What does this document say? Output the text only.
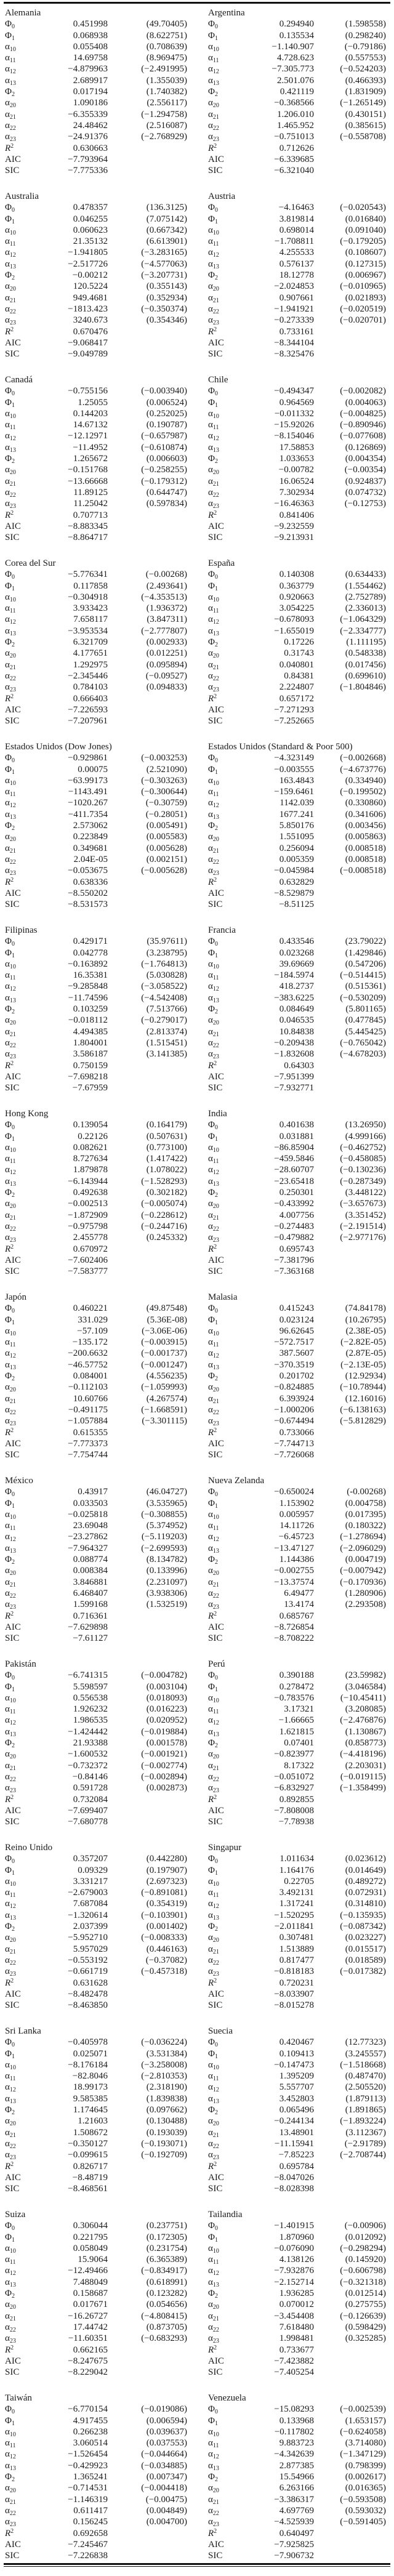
Alemania
$\Phi_0$	0.451998	(49.70405)
$\Phi_1$	0.068938	(8.622751)
$\alpha_{10}$	0.055408	(0.708639)
$\alpha_{11}$	14.69758	(8.969475)
$\alpha_{12}$	−4.879963	(−2.491995)
$\alpha_{13}$	2.689917	(1.355039)
$\Phi_2$	0.017194	(1.740382)
$\alpha_{20}$	1.090186	(2.556117)
$\alpha_{21}$	−6.355339	(−1.294758)
$\alpha_{22}$	24.48462	(2.516087)
$\alpha_{23}$	−24.91376	(−2.768929)
$R^2$	0.630663
AIC	−7.793964
SIC	−7.775336
Argentina
$\Phi_0$	0.294940	(1.598558)
$\Phi_1$	0.135534	(0.298240)
$\alpha_{10}$	−1.140.907	(−0.79186)
$\alpha_{11}$	4.728.623	(0.557553)
$\alpha_{12}$	−7.305.773	(−0.524203)
$\alpha_{13}$	2.501.076	(0.466393)
$\Phi_2$	0.421119	(1.831909)
$\alpha_{20}$	−0.368566	(−1.265149)
$\alpha_{21}$	1.206.010	(0.430151)
$\alpha_{22}$	1.465.952	(0.385615)
$\alpha_{23}$	−0.751013	(−0.558708)
$R^2$	0.712626
AIC	−6.339685
SIC	−6.321040
Australia
$\Phi_0$	0.478357	(136.3125)
$\Phi_1$	0.046255	(7.075142)
$\alpha_{10}$	0.060623	(0.667342)
$\alpha_{11}$	21.35132	(6.613901)
$\alpha_{12}$	−1.941805	(−3.283165)
$\alpha_{13}$	−2.517726	(−4.577063)
$\Phi_2$	−0.00212	(−3.207731)
$\alpha_{20}$	120.5224	(0.355143)
$\alpha_{21}$	949.4681	(0.352934)
$\alpha_{22}$	−1813.423	(−0.350374)
$\alpha_{23}$	3240.673	(0.354346)
$R^2$	0.670476
AIC	−9.068417
SIC	−9.049789
Austria
$\Phi_0$	−4.16463	(−0.020543)
$\Phi_1$	3.819814	(0.016840)
$\alpha_{10}$	0.698014	(0.091040)
$\alpha_{11}$	−1.708811	(−0.179205)
$\alpha_{12}$	4.255533	(0.108607)
$\alpha_{13}$	0.576137	(0.127315)
$\Phi_2$	18.12778	(0.006967)
$\alpha_{20}$	−2.024853	(−0.010965)
$\alpha_{21}$	0.907661	(0.021893)
$\alpha_{22}$	−1.941921	(−0.020519)
$\alpha_{23}$	−0.273339	(−0.020701)
$R^2$	0.733161
AIC	−8.344104
SIC	−8.325476
Canadá
$\Phi_0$	−0.755156	(−0.003940)
$\Phi_1$	1.25055	(0.006524)
$\alpha_{10}$	0.144203	(0.252025)
$\alpha_{11}$	14.67132	(0.190787)
$\alpha_{12}$	−12.12971	(−0.657987)
$\alpha_{13}$	−11.4952	(−0.610874)
$\Phi_2$	1.265672	(0.006603)
$\alpha_{20}$	−0.151768	(−0.258255)
$\alpha_{21}$	−13.66668	(−0.179312)
$\alpha_{22}$	11.89125	(0.644747)
$\alpha_{23}$	11.25042	(0.597834)
$R^2$	0.707713
AIC	−8.883345
SIC	−8.864717
Chile
$\Phi_0$	−0.494347	(−0.002082)
$\Phi_1$	0.964569	(0.004063)
$\alpha_{10}$	−0.011332	(−0.004825)
$\alpha_{11}$	−15.92026	(−0.890946)
$\alpha_{12}$	−8.154046	(−0.077608)
$\alpha_{13}$	17.58853	(0.126869)
$\Phi_2$	1.033653	(0.004354)
$\alpha_{20}$	−0.00782	(−0.00354)
$\alpha_{21}$	16.06524	(0.924837)
$\alpha_{22}$	7.302934	(0.074732)
$\alpha_{23}$	−16.46363	(−0.12753)
$R^2$	0.841406
AIC	−9.232559
SIC	−9.213931
Corea del Sur
$\Phi_0$	−5.776341	(−0.00268)
$\Phi_1$	0.117858	(2.493641)
$\alpha_{10}$	−0.304918	(−4.353513)
$\alpha_{11}$	3.933423	(1.936372)
$\alpha_{12}$	7.658117	(3.847311)
$\alpha_{13}$	−3.953534	(−2.777807)
$\Phi_2$	6.321709	(0.002933)
$\alpha_{20}$	4.177651	(0.012251)
$\alpha_{21}$	1.292975	(0.095894)
$\alpha_{22}$	−2.345446	(−0.09527)
$\alpha_{23}$	0.784103	(0.094833)
$R^2$	0.666403
AIC	−7.226593
SIC	−7.207961
España
$\Phi_0$	0.140308	(0.634433)
$\Phi_1$	0.363779	(1.554462)
$\alpha_{10}$	0.920663	(2.752789)
$\alpha_{11}$	3.054225	(2.336013)
$\alpha_{12}$	−0.678093	(−1.064329)
$\alpha_{13}$	−1.655019	(−2.334777)
$\Phi_2$	0.17226	(1.111195)
$\alpha_{20}$	0.31743	(0.548338)
$\alpha_{21}$	0.040801	(0.017456)
$\alpha_{22}$	0.84381	(0.699610)
$\alpha_{23}$	2.224807	(−1.804846)
$R^2$	0.657172
AIC	−7.271293
SIC	−7.252665
Estados Unidos (Dow Jones)
$\Phi_0$	−0.929861	(−0.003253)
$\Phi_1$	0.00075	(2.521090)
$\alpha_{10}$	−63.99173	(−0.303263)
$\alpha_{11}$	−1143.491	(−0.300644)
$\alpha_{12}$	−1020.267	(−0.30759)
$\alpha_{13}$	−411.7354	(−0.28051)
$\Phi_2$	2.573062	(0.005491)
$\alpha_{20}$	0.223849	(0.005583)
$\alpha_{21}$	0.349681	(0.005628)
$\alpha_{22}$	2.04E-05	(0.002151)
$\alpha_{23}$	−0.053675	(−0.005628)
$R^2$	0.638336
AIC	−8.550202
SIC	−8.531573
Estados Unidos (Standard & Poor 500)
$\Phi_0$	−4.323149	(−0.002668)
$\Phi_1$	−0.003555	(−4.673776)
$\alpha_{10}$	163.4843	(0.334940)
$\alpha_{11}$	−159.6461	(−0.199502)
$\alpha_{12}$	1142.039	(0.330860)
$\alpha_{13}$	1677.241	(0.341606)
$\Phi_2$	5.850176	(0.003456)
$\alpha_{20}$	1.551095	(0.005863)
$\alpha_{21}$	0.256094	(0.008518)
$\alpha_{22}$	0.005359	(0.008518)
$\alpha_{23}$	−0.045984	(−0.008518)
$R^2$	0.632829
AIC	−8.529879
SIC	−8.51125
Filipinas
$\Phi_0$	0.429171	(35.97611)
$\Phi_1$	0.042778	(3.238795)
$\alpha_{10}$	−0.163892	(−1.764813)
$\alpha_{11}$	16.35381	(5.030828)
$\alpha_{12}$	−9.285848	(−3.058522)
$\alpha_{13}$	−11.74596	(−4.542408)
$\Phi_2$	0.103259	(7.513766)
$\alpha_{20}$	−0.018112	(−0.279017)
$\alpha_{21}$	4.494385	(2.813374)
$\alpha_{22}$	1.804001	(1.515451)
$\alpha_{23}$	3.586187	(3.141385)
$R^2$	0.750159
AIC	−7.698218
SIC	−7.67959
Francia
$\Phi_0$	0.433546	(23.79022)
$\Phi_1$	0.023268	(1.429846)
$\alpha_{10}$	39.69669	(0.547206)
$\alpha_{11}$	−184.5974	(−0.514415)
$\alpha_{12}$	418.2737	(0.515361)
$\alpha_{13}$	−383.6225	(−0.530209)
$\Phi_2$	0.084649	(5.801165)
$\alpha_{20}$	0.046535	(0.477845)
$\alpha_{21}$	10.84838	(5.445425)
$\alpha_{22}$	−0.209438	(−0.765042)
$\alpha_{23}$	−1.832608	(−4.678203)
$R^2$	0.64303
AIC	−7.951399
SIC	−7.932771
Hong Kong
$\Phi_0$	0.139054	(0.164179)
$\Phi_1$	0.22126	(0.507631)
$\alpha_{10}$	0.082621	(0.773100)
$\alpha_{11}$	8.727634	(1.417422)
$\alpha_{12}$	1.879878	(1.078022)
$\alpha_{13}$	−6.143944	(−1.528293)
$\Phi_2$	0.492638	(0.302182)
$\alpha_{20}$	−0.002513	(−0.005074)
$\alpha_{21}$	−1.872909	(−0.228612)
$\alpha_{22}$	−0.975798	(−0.244716)
$\alpha_{23}$	2.455778	(0.245332)
$R^2$	0.670972
AIC	−7.602406
SIC	−7.583777
India
$\Phi_0$	0.401638	(13.26950)
$\Phi_1$	0.031881	(4.999166)
$\alpha_{10}$	−86.85904	(−0.462752)
$\alpha_{11}$	−459.5846	(−0.458085)
$\alpha_{12}$	−28.60707	(−0.130236)
$\alpha_{13}$	−23.65418	(−0.287349)
$\Phi_2$	0.250301	(3.448122)
$\alpha_{20}$	−0.433992	(−3.657673)
$\alpha_{21}$	4.007756	(3.351452)
$\alpha_{22}$	−0.274483	(−2.191514)
$\alpha_{23}$	−0.479882	(−2.977176)
$R^2$	0.695743
AIC	−7.381796
SIC	−7.363168
Japón
$\Phi_0$	0.460221	(49.87548)
$\Phi_1$	331.029	(5.36E-08)
$\alpha_{10}$	−57.109	(−3.06E-06)
$\alpha_{11}$	−135.172	(−0.003915)
$\alpha_{12}$	−200.6632	(−0.001737)
$\alpha_{13}$	−46.57752	(−0.001247)
$\Phi_2$	0.084001	(4.556235)
$\alpha_{20}$	−0.112103	(−1.059993)
$\alpha_{21}$	10.60766	(4.267574)
$\alpha_{22}$	−0.491175	(−1.668591)
$\alpha_{23}$	−1.057884	(−3.301115)
$R^2$	0.615355
AIC	−7.773373
SIC	−7.754744
Malasia
$\Phi_0$	0.415243	(74.84178)
$\Phi_1$	0.023124	(10.26795)
$\alpha_{10}$	96.62645	(2.38E-05)
$\alpha_{11}$	−572.7517	(−2.82E-05)
$\alpha_{12}$	387.5607	(2.87E-05)
$\alpha_{13}$	−370.3519	(−2.13E-05)
$\Phi_2$	0.201702	(12.92934)
$\alpha_{20}$	−0.824885	(−10.78944)
$\alpha_{21}$	6.393924	(12.16016)
$\alpha_{22}$	−1.000206	(−6.138163)
$\alpha_{23}$	−0.674494	(−5.812829)
$R^2$	0.733066
AIC	−7.744713
SIC	−7.726068
México
$\Phi_0$	0.43917	(46.04727)
$\Phi_1$	0.033503	(3.535965)
$\alpha_{10}$	−0.025818	(−0.308855)
$\alpha_{11}$	23.69048	(5.374952)
$\alpha_{12}$	−23.27862	(−5.119203)
$\alpha_{13}$	−7.964327	(−2.699593)
$\Phi_2$	0.088774	(8.134782)
$\alpha_{20}$	0.008384	(0.133996)
$\alpha_{21}$	3.846881	(2.231097)
$\alpha_{22}$	6.468407	(3.938306)
$\alpha_{23}$	1.599168	(1.532519)
$R^2$	0.716361
AIC	−7.629898
SIC	−7.61127
Nueva Zelanda
$\Phi_0$	−0.650024	(-0.00268)
$\Phi_1$	1.153902	(0.004758)
$\alpha_{10}$	0.005957	(0.017395)
$\alpha_{11}$	14.11726	(0.180322)
$\alpha_{12}$	−6.45723	(−1.278694)
$\alpha_{13}$	−13.47127	(−2.096029)
$\Phi_2$	1.144386	(0.004719)
$\alpha_{20}$	−0.002755	(−0.007942)
$\alpha_{21}$	−13.37574	(−0.170936)
$\alpha_{22}$	6.49477	(1.280906)
$\alpha_{23}$	13.4174	(2.293508)
$R^2$	0.685767
AIC	−8.726854
SIC	−8.708222
Pakistán
$\Phi_0$	−6.741315	(−0.004782)
$\Phi_1$	5.598597	(0.003104)
$\alpha_{10}$	0.556538	(0.018093)
$\alpha_{11}$	1.926232	(0.016223)
$\alpha_{12}$	1.986535	(0.020952)
$\alpha_{13}$	−1.424442	(−0.019884)
$\Phi_2$	21.93388	(0.001578)
$\alpha_{20}$	−1.600532	(−0.001921)
$\alpha_{21}$	−0.732372	(−0.002774)
$\alpha_{22}$	−0.84146	(−0.002894)
$\alpha_{23}$	0.591728	(0.002873)
$R^2$	0.732084
AIC	−7.699407
SIC	−7.680778
Perú
$\Phi_0$	0.390188	(23.59982)
$\Phi_1$	0.278472	(3.046584)
$\alpha_{10}$	−0.783576	(−10.45411)
$\alpha_{11}$	3.17321	(3.208085)
$\alpha_{12}$	−1.66665	(−2.476876)
$\alpha_{13}$	1.621815	(1.130867)
$\Phi_2$	0.07401	(0.858773)
$\alpha_{20}$	−0.823977	(−4.418196)
$\alpha_{21}$	8.17322	(2.203031)
$\alpha_{22}$	−0.051072	(−0.019115)
$\alpha_{23}$	−6.832927	(−1.358499)
$R^2$	0.892855
AIC	−7.808008
SIC	−7.78938
Reino Unido
$\Phi_0$	0.357207	(0.442280)
$\Phi_1$	0.09329	(0.197907)
$\alpha_{10}$	3.331217	(2.697323)
$\alpha_{11}$	−2.679003	(−0.891081)
$\alpha_{12}$	7.687084	(0.354319)
$\alpha_{13}$	−1.320614	(−0.103901)
$\Phi_2$	2.037399	(0.001402)
$\alpha_{20}$	−5.952710	(−0.008333)
$\alpha_{21}$	5.957029	(0.446163)
$\alpha_{22}$	−0.553192	(−0.37082)
$\alpha_{23}$	−0.661719	(−0.457318)
$R^2$	0.631628
AIC	−8.482478
SIC	−8.463850
Singapur
$\Phi_0$	1.011634	(0.023612)
$\Phi_1$	1.164176	(0.014649)
$\alpha_{10}$	0.22705	(0.489272)
$\alpha_{11}$	3.492131	(0.072931)
$\alpha_{12}$	1.317241	(0.314810)
$\alpha_{13}$	−1.520295	(−0.135935)
$\Phi_2$	−2.011841	(−0.087342)
$\alpha_{20}$	0.307481	(0.023227)
$\alpha_{21}$	1.513889	(0.015517)
$\alpha_{22}$	0.817477	(0.018589)
$\alpha_{23}$	−0.818183	(−0.017382)
$R^2$	0.720231
AIC	−8.033907
SIC	−8.015278
Sri Lanka
$\Phi_0$	−0.405978	(−0.036224)
$\Phi_1$	0.025071	(3.531384)
$\alpha_{10}$	−8.176184	(−3.258008)
$\alpha_{11}$	−82.8046	(−2.810353)
$\alpha_{12}$	18.99173	(2.318190)
$\alpha_{13}$	9.585385	(1.839838)
$\Phi_2$	1.174645	(0.097662)
$\alpha_{20}$	1.21603	(0.130488)
$\alpha_{21}$	1.508672	(0.193039)
$\alpha_{22}$	−0.350127	(−0.193071)
$\alpha_{23}$	−0.099615	(−0.192709)
$R^2$	0.826717
AIC	−8.48719
SIC	−8.468561
Suecia
$\Phi_0$	0.420467	(12.77323)
$\Phi_1$	0.109413	(3.245557)
$\alpha_{10}$	−0.147473	(−1.518668)
$\alpha_{11}$	1.395209	(0.487470)
$\alpha_{12}$	5.557707	(2.505520)
$\alpha_{13}$	3.452803	(1.879113)
$\Phi_2$	0.065496	(1.891865)
$\alpha_{20}$	−0.244134	(−1.893224)
$\alpha_{21}$	13.48901	(3.112367)
$\alpha_{22}$	−11.15941	(−2.91789)
$\alpha_{23}$	−7.85223	(−2.708744)
$R^2$	0.695784
AIC	−8.047026
SIC	−8.028398
Suiza
$\Phi_0$	0.306044	(0.237751)
$\Phi_1$	0.221795	(0.172305)
$\alpha_{10}$	0.058049	(0.231754)
$\alpha_{11}$	15.9064	(6.365389)
$\alpha_{12}$	−12.49466	(−0.834917)
$\alpha_{13}$	7.488049	(0.618991)
$\Phi_2$	0.158687	(0.123282)
$\alpha_{20}$	0.017671	(0.054656)
$\alpha_{21}$	−16.26727	(−4.808415)
$\alpha_{22}$	17.44742	(0.873705)
$\alpha_{23}$	−11.60351	(−0.683293)
$R^2$	0.662165
AIC	−8.247675
SIC	−8.229042
Tailandia
$\Phi_0$	−1.401915	(−0.00906)
$\Phi_1$	1.870960	(0.012092)
$\alpha_{10}$	−0.076090	(−0.298294)
$\alpha_{11}$	4.138126	(0.145920)
$\alpha_{12}$	−7.932876	(−0.606798)
$\alpha_{13}$	−2.152714	(−0.321318)
$\Phi_2$	1.936285	(0.012514)
$\alpha_{20}$	0.070012	(0.275755)
$\alpha_{21}$	−3.454408	(−0.126639)
$\alpha_{22}$	7.618480	(0.598429)
$\alpha_{23}$	1.998481	(0.325285)
$R^2$	0.733677
AIC	−7.423882
SIC	−7.405254
Taiwán
$\Phi_0$	−6.770154	(−0.019086)
$\Phi_1$	4.917455	(0.006594)
$\alpha_{10}$	0.266238	(0.039637)
$\alpha_{11}$	3.060514	(0.037553)
$\alpha_{12}$	−1.526454	(−0.044664)
$\alpha_{13}$	−0.429923	(−0.034885)
$\Phi_2$	1.365241	(0.007347)
$\alpha_{20}$	−0.714531	(−0.004418)
$\alpha_{21}$	−1.146319	(−0.00475)
$\alpha_{22}$	0.611417	(0.004849)
$\alpha_{23}$	0.156245	(0.004700)
$R^2$	0.692658
AIC	−7.245467
SIC	−7.226838
Venezuela
$\Phi_0$	−15.08293	(−0.002539)
$\Phi_1$	0.133968	(1.653157)
$\alpha_{10}$	−0.117802	(−0.624058)
$\alpha_{11}$	9.883723	(3.714080)
$\alpha_{12}$	−4.342639	(−1.347129)
$\alpha_{13}$	2.877385	(0.798399)
$\Phi_2$	15.54966	(0.002617)
$\alpha_{20}$	6.263166	(0.016365)
$\alpha_{21}$	−3.386317	(−0.593508)
$\alpha_{22}$	4.697769	(0.593032)
$\alpha_{23}$	−4.525939	(−0.591405)
$R^2$	0.640497
AIC	−7.925825
SIC	−7.906732
